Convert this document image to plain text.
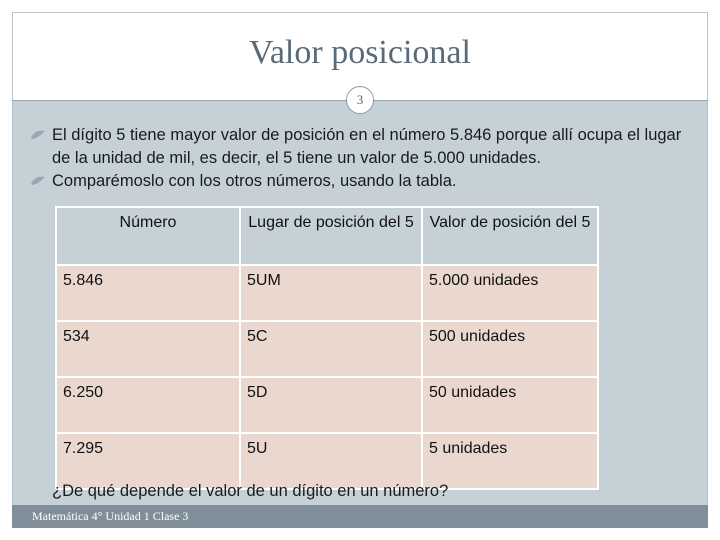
Valor posicional
3
El dígito 5 tiene mayor valor de posición en el número 5.846 porque allí ocupa el lugar de la unidad de mil, es decir, el 5 tiene un valor de 5.000 unidades.
Comparémoslo con los otros números, usando la tabla.
Número	Lugar de posición del 5	Valor de posición del 5
5.846	5UM	5.000 unidades
534	5C	500 unidades
6.250	5D	50 unidades
7.295	5U	5 unidades
¿De qué depende el valor de un dígito en un número?
Matemática 4° Unidad 1 Clase 3
